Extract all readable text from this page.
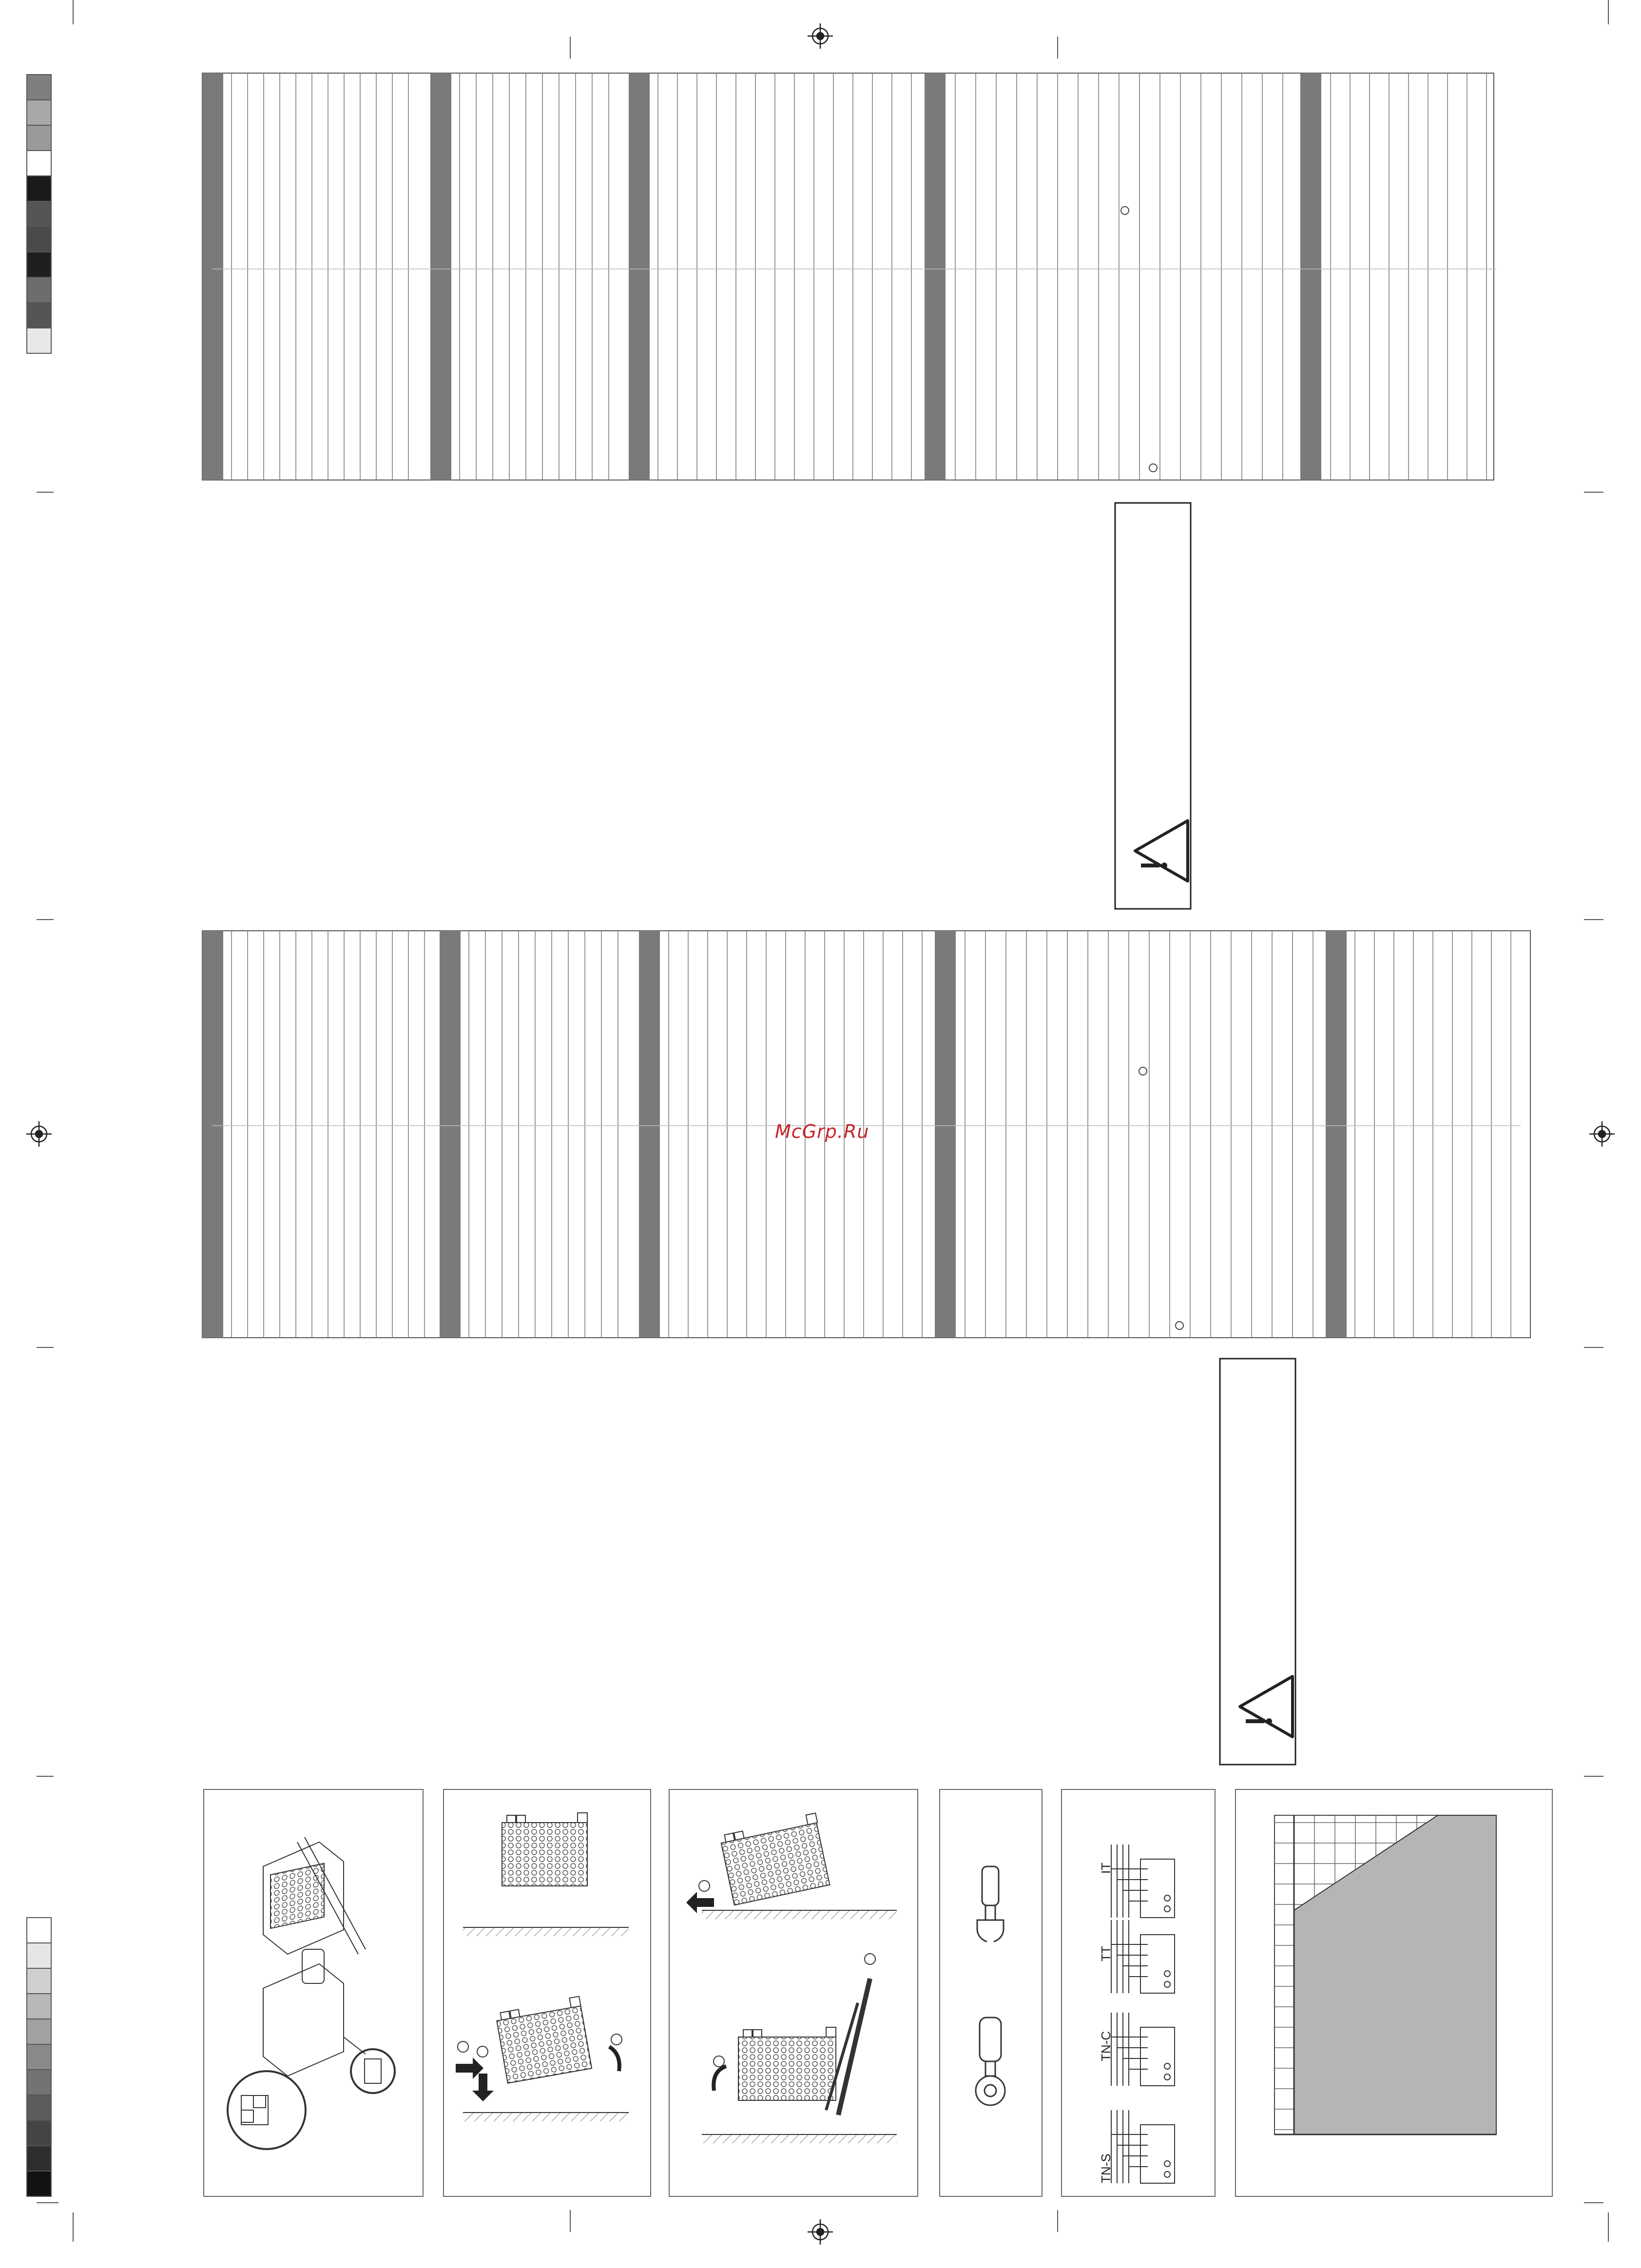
McGrp.Ru
TN-S
TN-C
TT
IT
